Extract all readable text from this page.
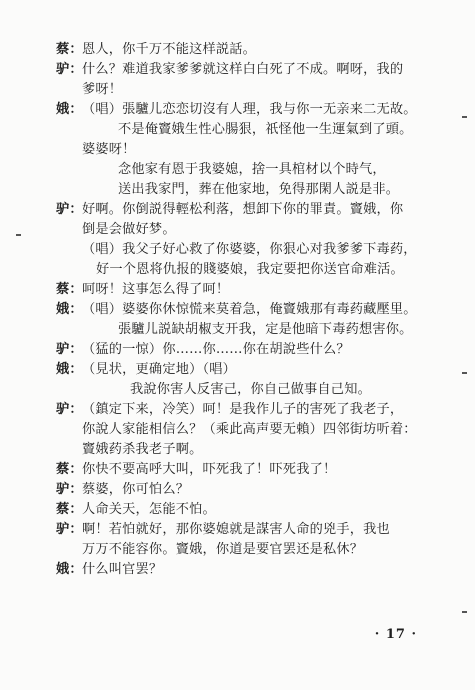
蔡：恩人，你千万不能这样説話。
驴：什么？难道我家爹爹就这样白白死了不成。啊呀，我的
爹呀！
娥：（唱）張驢儿恋恋切沒有人理，我与你一无亲来二无故。
不是俺竇娥生性心腸狠，祇怪他一生運氣到了頭。
婆婆呀！
念他家有恩于我婆媳，捨一具棺材以个時气，
送出我家門，葬在他家地，免得那閑人説是非。
驴：好啊。你倒説得輕松利落，想卸下你的罪責。竇娥，你
倒是会做好梦。
（唱）我父子好心救了你婆婆，你狠心对我爹爹下毒药，
好一个恩将仇报的賤婆娘，我定要把你送官命难活。
蔡：呵呀！这事怎么得了呵！
娥：（唱）婆婆你休惊慌来莫着急，俺竇娥那有毒药藏壓里。
張驢儿説缺胡椒支开我，定是他暗下毒药想害你。
驴：（猛的一惊）你……你……你在胡說些什么？
娥：（見状，更确定地）（唱）
我說你害人反害己，你自己做事自己知。
驴：（鎮定下来，冷笑）呵！是我作儿子的害死了我老子，
你說人家能相信么？（乘此高声要无賴）四邻街坊听着：
竇娥药杀我老子啊。
蔡：你快不要高呼大叫，吓死我了！吓死我了！
驴：蔡婆，你可怕么？
蔡：人命关天，怎能不怕。
驴：啊！若怕就好，那你婆媳就是謀害人命的兇手，我也
万万不能容你。竇娥，你道是要官罢还是私休？
娥：什么叫官罢？
· 17 ·
